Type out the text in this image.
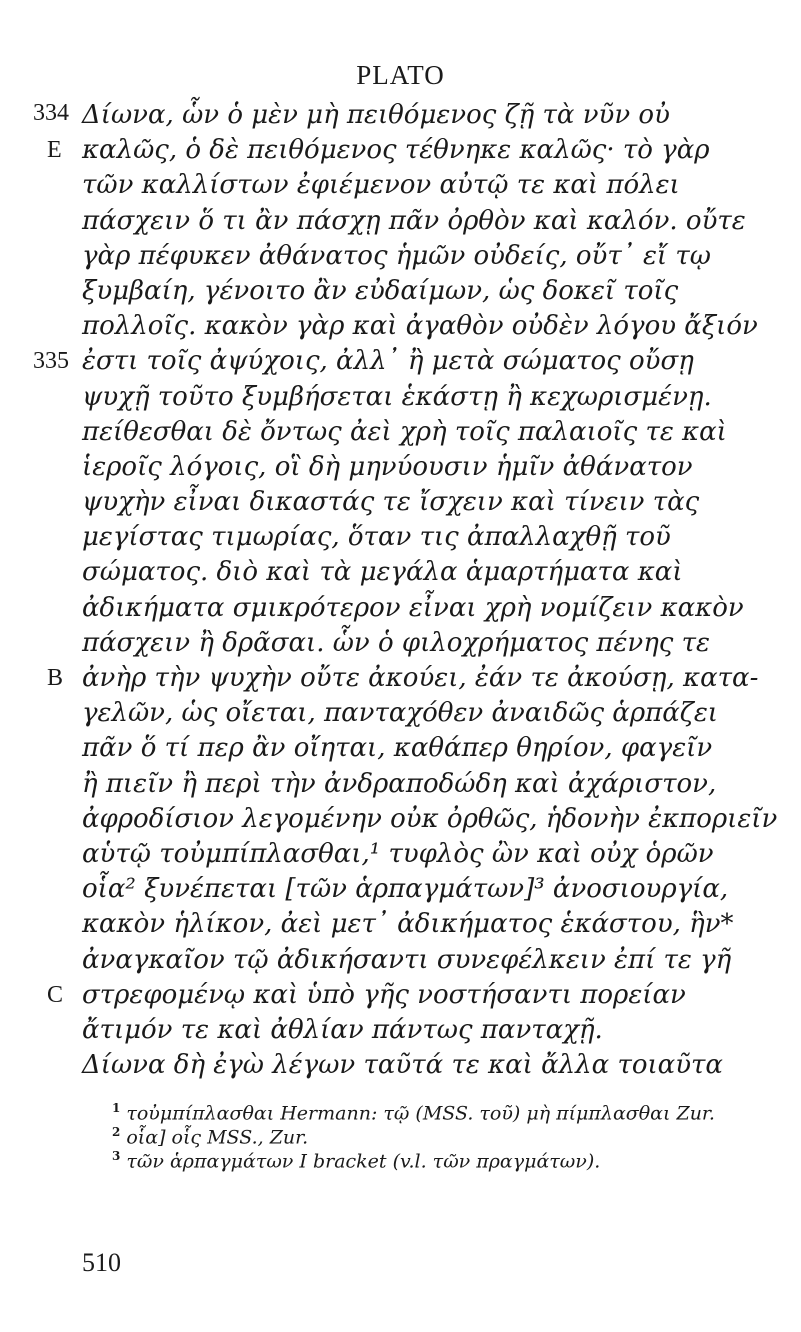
PLATO
334 Δίωνα, ὧν ὁ μὲν μὴ πειθόμενος ζῇ τὰ νῦν οὐ
E καλῶς, ὁ δὲ πειθόμενος τέθνηκε καλῶς· τὸ γὰρ
τῶν καλλίστων ἐφιέμενον αὐτῷ τε καὶ πόλει
πάσχειν ὅ τι ἂν πάσχῃ πᾶν ὀρθὸν καὶ καλόν. οὔτε
γὰρ πέφυκεν ἀθάνατος ἡμῶν οὐδείς, οὔτ᾽ εἴ τῳ
ξυμβαίη, γένοιτο ἂν εὐδαίμων, ὡς δοκεῖ τοῖς
πολλοῖς. κακὸν γὰρ καὶ ἀγαθὸν οὐδὲν λόγου ἄξιόν
335 ἐστι τοῖς ἀψύχοις, ἀλλ᾽ ἢ μετὰ σώματος οὔσῃ
ψυχῇ τοῦτο ξυμβήσεται ἑκάστῃ ἢ κεχωρισμένῃ.
πείθεσθαι δὲ ὄντως ἀεὶ χρὴ τοῖς παλαιοῖς τε καὶ
ἱεροῖς λόγοις, οἳ δὴ μηνύουσιν ἡμῖν ἀθάνατον
ψυχὴν εἶναι δικαστάς τε ἴσχειν καὶ τίνειν τὰς
μεγίστας τιμωρίας, ὅταν τις ἀπαλλαχθῇ τοῦ
σώματος. διὸ καὶ τὰ μεγάλα ἁμαρτήματα καὶ
ἀδικήματα σμικρότερον εἶναι χρὴ νομίζειν κακὸν
πάσχειν ἢ δρᾶσαι. ὧν ὁ φιλοχρήματος πένης τε
B ἀνὴρ τὴν ψυχὴν οὔτε ἀκούει, ἐάν τε ἀκούσῃ, κατα-
γελῶν, ὡς οἴεται, πανταχόθεν ἀναιδῶς ἁρπάζει
πᾶν ὅ τί περ ἂν οἴηται, καθάπερ θηρίον, φαγεῖν
ἢ πιεῖν ἢ περὶ τὴν ἀνδραποδώδη καὶ ἀχάριστον,
ἀφροδίσιον λεγομένην οὐκ ὀρθῶς, ἡδονὴν ἐκποριεῖν
αὑτῷ τοὐμπίπλασθαι,¹ τυφλὸς ὢν καὶ οὐχ ὁρῶν
οἷα² ξυνέπεται [τῶν ἁρπαγμάτων]³ ἀνοσιουργία,
κακὸν ἡλίκον, ἀεὶ μετ᾽ ἀδικήματος ἑκάστου, ἣν*
ἀναγκαῖον τῷ ἀδικήσαντι συνεφέλκειν ἐπί τε γῆ
C στρεφομένῳ καὶ ὑπὸ γῆς νοστήσαντι πορείαν
ἄτιμόν τε καὶ ἀθλίαν πάντως πανταχῇ.
Δίωνα δὴ ἐγὼ λέγων ταῦτά τε καὶ ἄλλα τοιαῦτα
$^1$ τοὐμπίπλασθαι Hermann: τῷ (MSS. τοῦ) μὴ πίμπλασθαι Zur.
$^2$ οἷα] οἷς MSS., Zur.
$^3$ τῶν ἁρπαγμάτων I bracket (v.l. τῶν πραγμάτων).
510
